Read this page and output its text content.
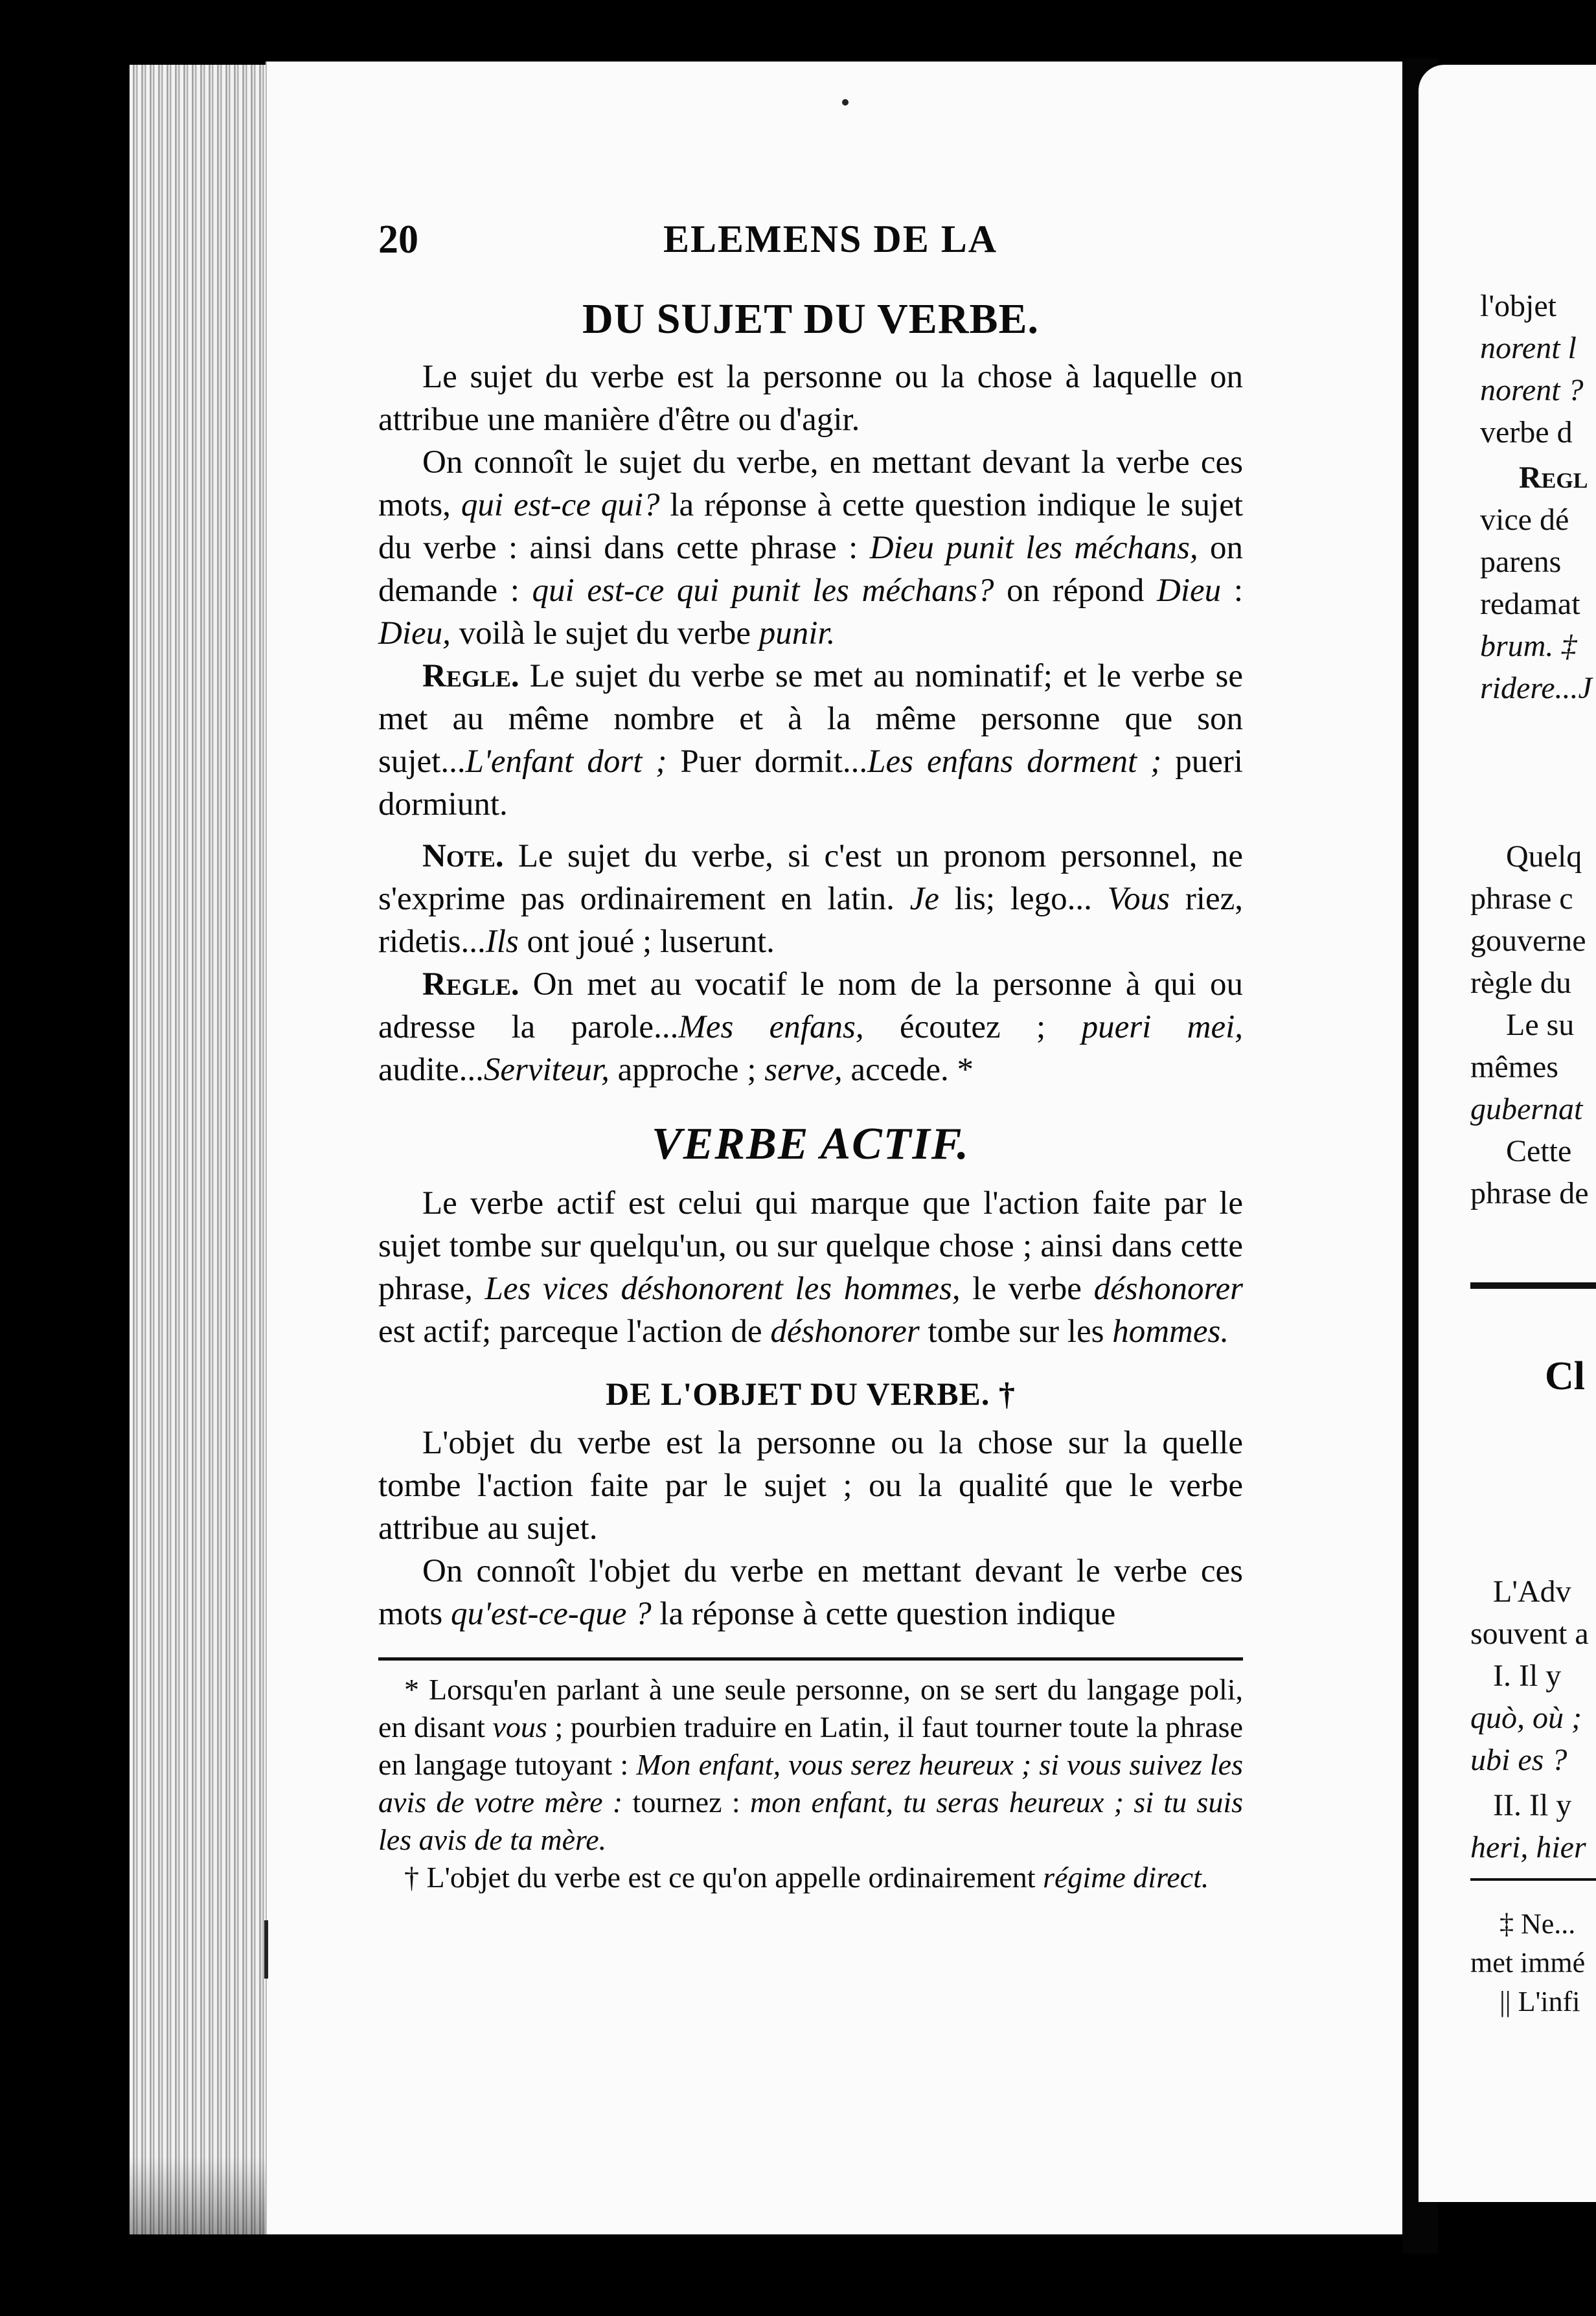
20	ELEMENS DE LA
DU SUJET DU VERBE.

Le sujet du verbe est la personne ou la chose à laquelle on attribue une manière d'être ou d'agir.

On connoît le sujet du verbe, en mettant devant la verbe ces mots, qui est-ce qui? la réponse à cette question indique le sujet du verbe : ainsi dans cette phrase : Dieu punit les méchans, on demande : qui est-ce qui punit les méchans? on répond Dieu : Dieu, voilà le sujet du verbe punir.

Regle. Le sujet du verbe se met au nominatif; et le verbe se met au même nombre et à la même personne que son sujet...L'enfant dort ; Puer dormit...Les enfans dorment ; pueri dormiunt.

Note. Le sujet du verbe, si c'est un pronom personnel, ne s'exprime pas ordinairement en latin. Je lis; lego... Vous riez, ridetis...Ils ont joué ; luserunt.

Regle. On met au vocatif le nom de la personne à qui ou adresse la parole...Mes enfans, écoutez ; pueri mei, audite...Serviteur, approche ; serve, accede. *

VERBE ACTIF.

Le verbe actif est celui qui marque que l'action faite par le sujet tombe sur quelqu'un, ou sur quelque chose ; ainsi dans cette phrase, Les vices déshonorent les hommes, le verbe déshonorer est actif; parceque l'action de déshonorer tombe sur les hommes.

DE L'OBJET DU VERBE. †

L'objet du verbe est la personne ou la chose sur la quelle tombe l'action faite par le sujet ; ou la qualité que le verbe attribue au sujet.

On connoît l'objet du verbe en mettant devant le verbe ces mots qu'est-ce-que ? la réponse à cette question indique

* Lorsqu'en parlant à une seule personne, on se sert du langage poli, en disant vous ; pourbien traduire en Latin, il faut tourner toute la phrase en langage tutoyant : Mon enfant, vous serez heureux ; si vous suivez les avis de votre mère : tournez : mon enfant, tu seras heureux ; si tu suis les avis de ta mère.

† L'objet du verbe est ce qu'on appelle ordinairement régime direct.

l'objet
norent l
norent ?
verbe d
Regl
vice dé
parens
redamat
brum. ‡
ridere...J
Quelq
phrase c
gouverne
règle du
Le su
mêmes
gubernat
Cette
phrase de
Cl
L'Adv
souvent a
I. Il y
quò, où ;
ubi es ?
II. Il y
heri, hier
‡ Ne...
met immé
|| L'infi
